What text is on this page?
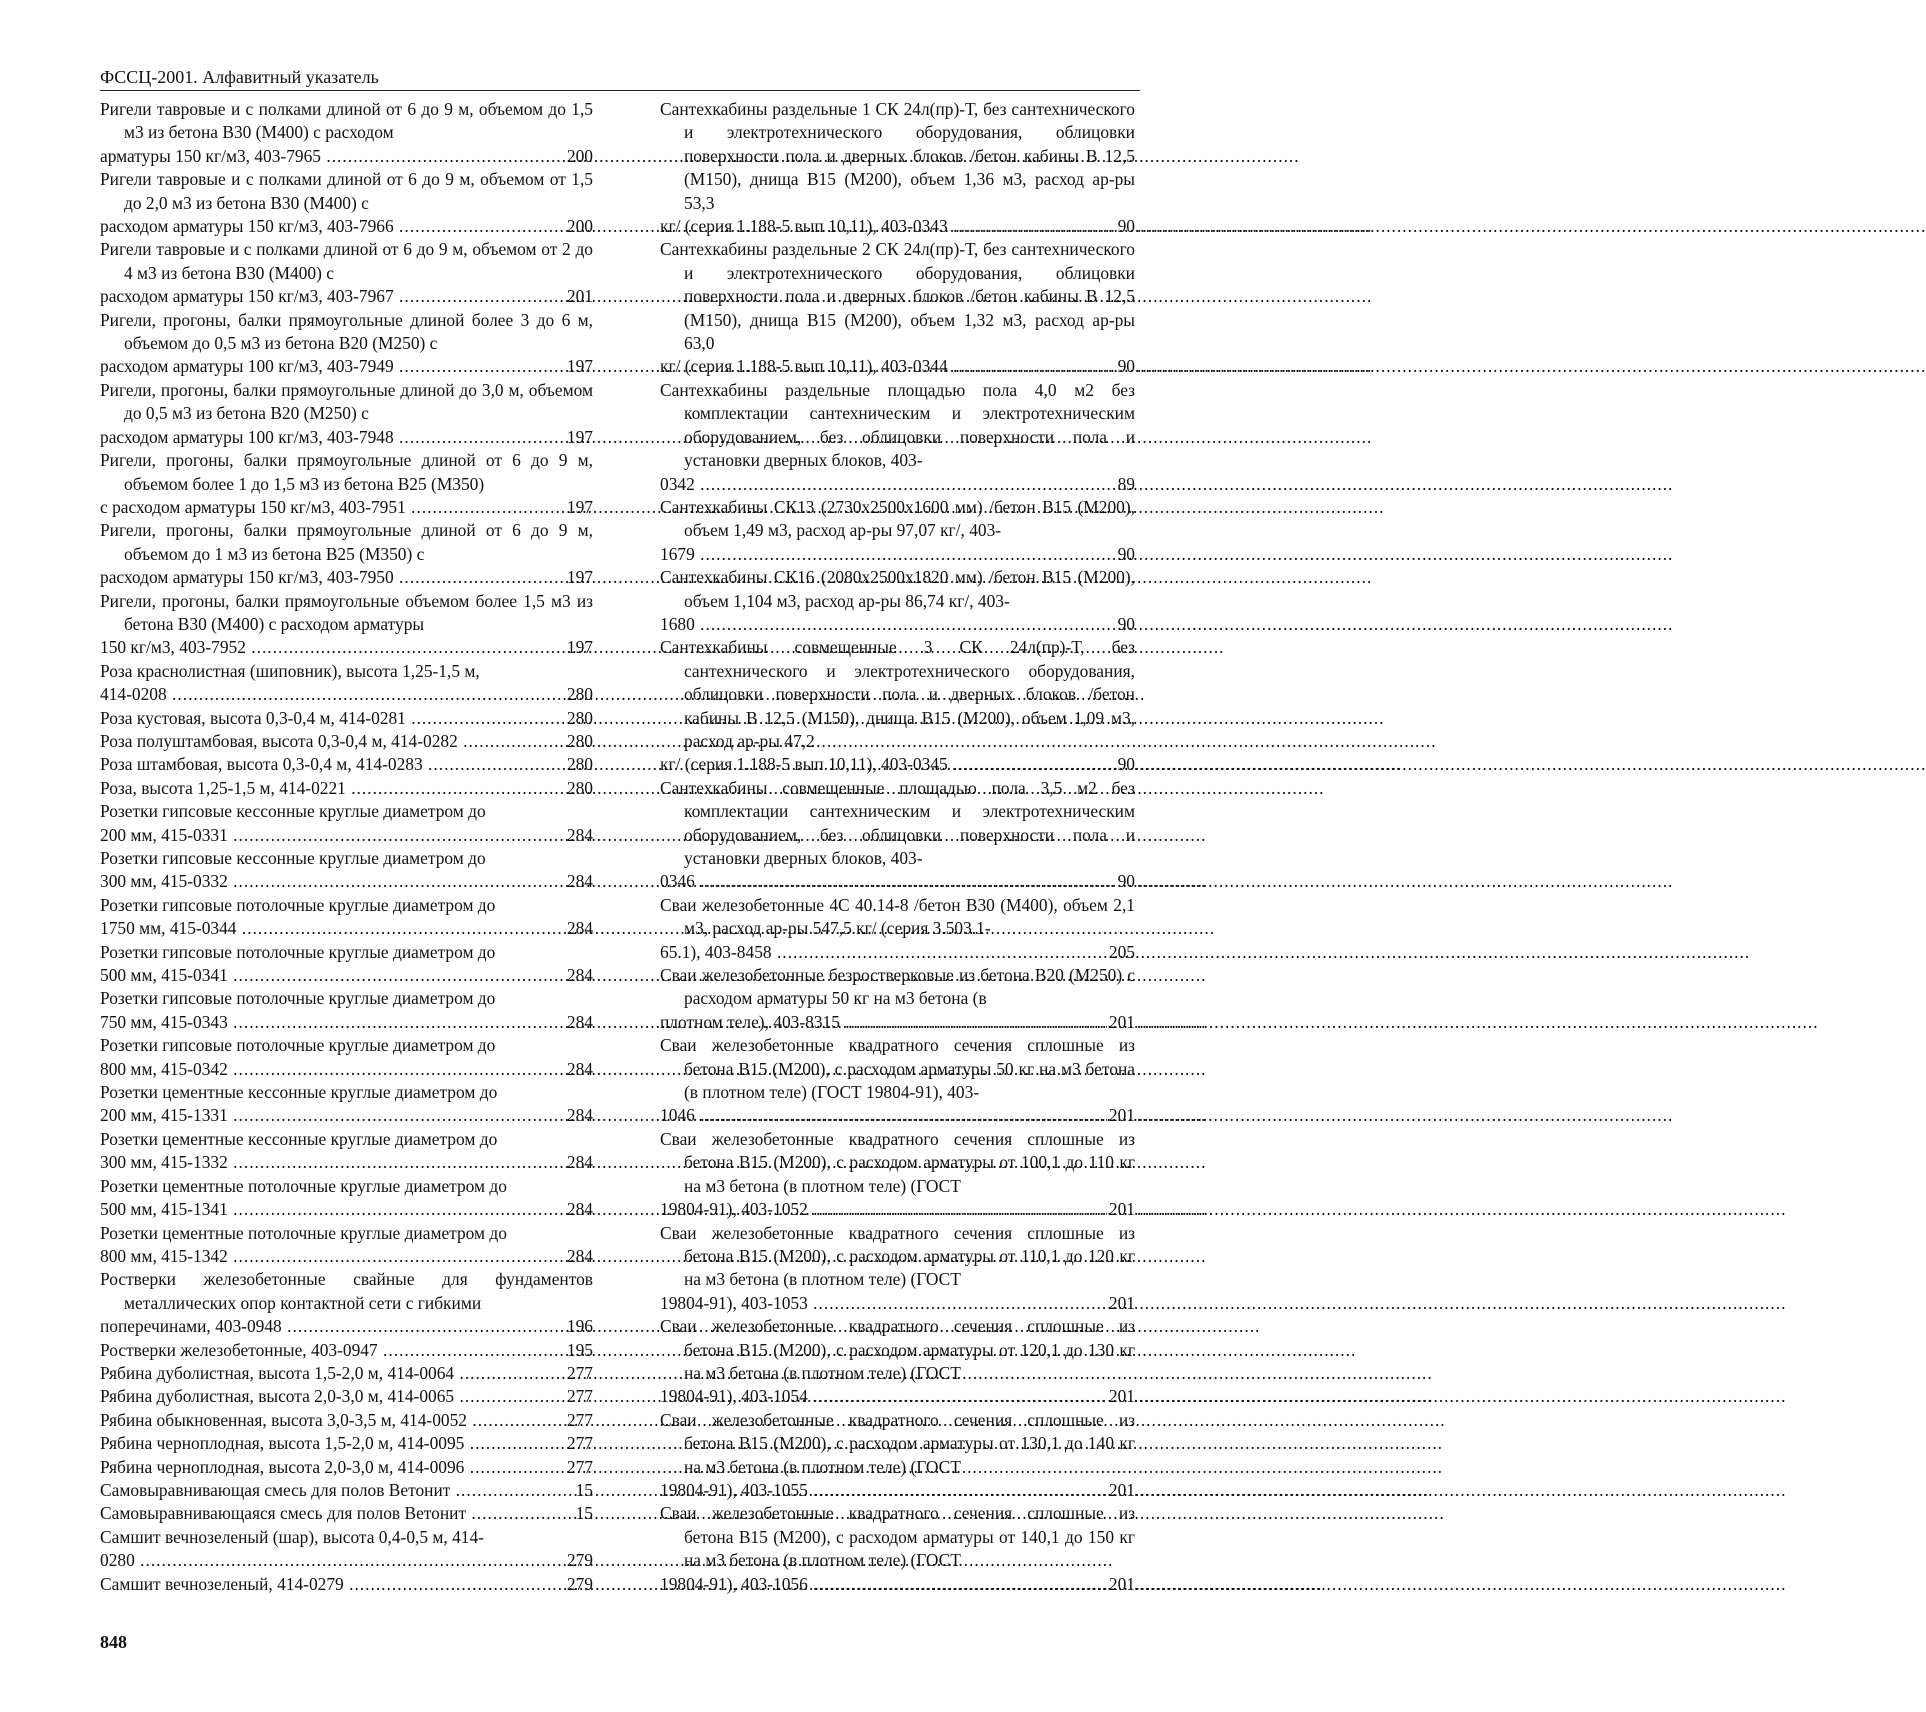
ФССЦ-2001. Алфавитный указатель
Ригели тавровые и с полками длиной от 6 до 9 м, объемом до 1,5 м3 из бетона В30 (М400) с расходом
200
арматуры 150 кг/м3, 403-7965 .....
Ригели тавровые и с полками длиной от 6 до 9 м, объемом от 1,5 до 2,0 м3 из бетона В30 (М400) с
200
расходом арматуры 150 кг/м3, 403-7966 .....
Ригели тавровые и с полками длиной от 6 до 9 м, объемом от 2 до 4 м3 из бетона В30 (М400) с
201
расходом арматуры 150 кг/м3, 403-7967 .....
Ригели, прогоны, балки прямоугольные длиной более 3 до 6 м, объемом до 0,5 м3 из бетона В20 (М250) с
197
расходом арматуры 100 кг/м3, 403-7949 .....
Ригели, прогоны, балки прямоугольные длиной до 3,0 м, объемом до 0,5 м3 из бетона В20 (М250) с
197
расходом арматуры 100 кг/м3, 403-7948 .....
Ригели, прогоны, балки прямоугольные длиной от 6 до 9 м, объемом более 1 до 1,5 м3 из бетона В25 (М350)
197
с расходом арматуры 150 кг/м3, 403-7951 .....
Ригели, прогоны, балки прямоугольные длиной от 6 до 9 м, объемом до 1 м3 из бетона В25 (М350) с
197
расходом арматуры 150 кг/м3, 403-7950 .....
Ригели, прогоны, балки прямоугольные объемом более 1,5 м3 из бетона В30 (М400) с расходом арматуры
197
150 кг/м3, 403-7952 .....
Роза краснолистная (шиповник), высота 1,25-1,5 м,
280
414-0208 .....
280
Роза кустовая, высота 0,3-0,4 м, 414-0281 .....
280
Роза полуштамбовая, высота 0,3-0,4 м, 414-0282 .....
280
Роза штамбовая, высота 0,3-0,4 м, 414-0283 .....
280
Роза, высота 1,25-1,5 м, 414-0221 .....
Розетки гипсовые кессонные круглые диаметром до
284
200 мм, 415-0331 .....
Розетки гипсовые кессонные круглые диаметром до
284
300 мм, 415-0332 .....
Розетки гипсовые потолочные круглые диаметром до
284
1750 мм, 415-0344 .....
Розетки гипсовые потолочные круглые диаметром до
284
500 мм, 415-0341 .....
Розетки гипсовые потолочные круглые диаметром до
284
750 мм, 415-0343 .....
Розетки гипсовые потолочные круглые диаметром до
284
800 мм, 415-0342 .....
Розетки цементные кессонные круглые диаметром до
284
200 мм, 415-1331 .....
Розетки цементные кессонные круглые диаметром до
284
300 мм, 415-1332 .....
Розетки цементные потолочные круглые диаметром до
284
500 мм, 415-1341 .....
Розетки цементные потолочные круглые диаметром до
284
800 мм, 415-1342 .....
Ростверки железобетонные свайные для фундаментов металлических опор контактной сети с гибкими
196
поперечинами, 403-0948 .....
195
Ростверки железобетонные, 403-0947 .....
277
Рябина дуболистная, высота 1,5-2,0 м, 414-0064 .....
277
Рябина дуболистная, высота 2,0-3,0 м, 414-0065 .....
277
Рябина обыкновенная, высота 3,0-3,5 м, 414-0052 .....
277
Рябина черноплодная, высота 1,5-2,0 м, 414-0095 .....
277
Рябина черноплодная, высота 2,0-3,0 м, 414-0096 .....
15
Самовыравнивающая смесь для полов Ветонит .....
15
Самовыравнивающаяся смесь для полов Ветонит .....
Самшит вечнозеленый (шар), высота 0,4-0,5 м, 414-
279
0280 .....
279
Самшит вечнозеленый, 414-0279 .....
Сантехкабины раздельные 1 СК 24л(пр)-Т, без сантехнического и электротехнического оборудования, облицовки поверхности пола и дверных блоков /бетон кабины В 12,5 (М150), днища В15 (М200), объем 1,36 м3, расход ар-ры 53,3
90
кг/ (серия 1.188-5 вып 10,11), 403-0343 .....
Сантехкабины раздельные 2 СК 24л(пр)-Т, без сантехнического и электротехнического оборудования, облицовки поверхности пола и дверных блоков /бетон кабины В 12,5 (М150), днища В15 (М200), объем 1,32 м3, расход ар-ры 63,0
90
кг/ (серия 1.188-5 вып 10,11), 403-0344 .....
Сантехкабины раздельные площадью пола 4,0 м2 без комплектации сантехническим и электротехническим оборудованием, без облицовки поверхности пола и установки дверных блоков, 403-
89
0342 .....
Сантехкабины СК13 (2730x2500x1600 мм) /бетон В15 (М200), объем 1,49 м3, расход ар-ры 97,07 кг/, 403-
90
1679 .....
Сантехкабины СК16 (2080x2500x1820 мм) /бетон В15 (М200), объем 1,104 м3, расход ар-ры 86,74 кг/, 403-
90
1680 .....
Сантехкабины совмещенные 3 СК 24л(пр)-Т, без сантехнического и электротехнического оборудования, облицовки поверхности пола и дверных блоков /бетон кабины В 12,5 (М150), днища В15 (М200), объем 1,09 м3, расход ар-ры 47,2
90
кг/ (серия 1.188-5 вып 10,11), 403-0345 .....
Сантехкабины совмещенные площадью пола 3,5 м2 без комплектации сантехническим и электротехническим оборудованием, без облицовки поверхности пола и установки дверных блоков, 403-
90
0346 .....
Сваи железобетонные 4С 40.14-8 /бетон В30 (М400), объем 2,1 м3, расход ар-ры 547,5 кг/ (серия 3.503.1-
205
65.1), 403-8458 .....
Сваи железобетонные безростверковые из бетона В20 (М250) с расходом арматуры 50 кг на м3 бетона (в
201
плотном теле), 403-8315 .....
Сваи железобетонные квадратного сечения сплошные из бетона В15 (М200), с расходом арматуры 50 кг на м3 бетона (в плотном теле) (ГОСТ 19804-91), 403-
201
1046 .....
Сваи железобетонные квадратного сечения сплошные из бетона В15 (М200), с расходом арматуры от 100,1 до 110 кг на м3 бетона (в плотном теле) (ГОСТ
201
19804-91), 403-1052 .....
Сваи железобетонные квадратного сечения сплошные из бетона В15 (М200), с расходом арматуры от 110,1 до 120 кг на м3 бетона (в плотном теле) (ГОСТ
201
19804-91), 403-1053 .....
Сваи железобетонные квадратного сечения сплошные из бетона В15 (М200), с расходом арматуры от 120,1 до 130 кг на м3 бетона (в плотном теле) (ГОСТ
201
19804-91), 403-1054 .....
Сваи железобетонные квадратного сечения сплошные из бетона В15 (М200), с расходом арматуры от 130,1 до 140 кг на м3 бетона (в плотном теле) (ГОСТ
201
19804-91), 403-1055 .....
Сваи железобетонные квадратного сечения сплошные из бетона В15 (М200), с расходом арматуры от 140,1 до 150 кг на м3 бетона (в плотном теле) (ГОСТ
201
19804-91), 403-1056 .....
848
